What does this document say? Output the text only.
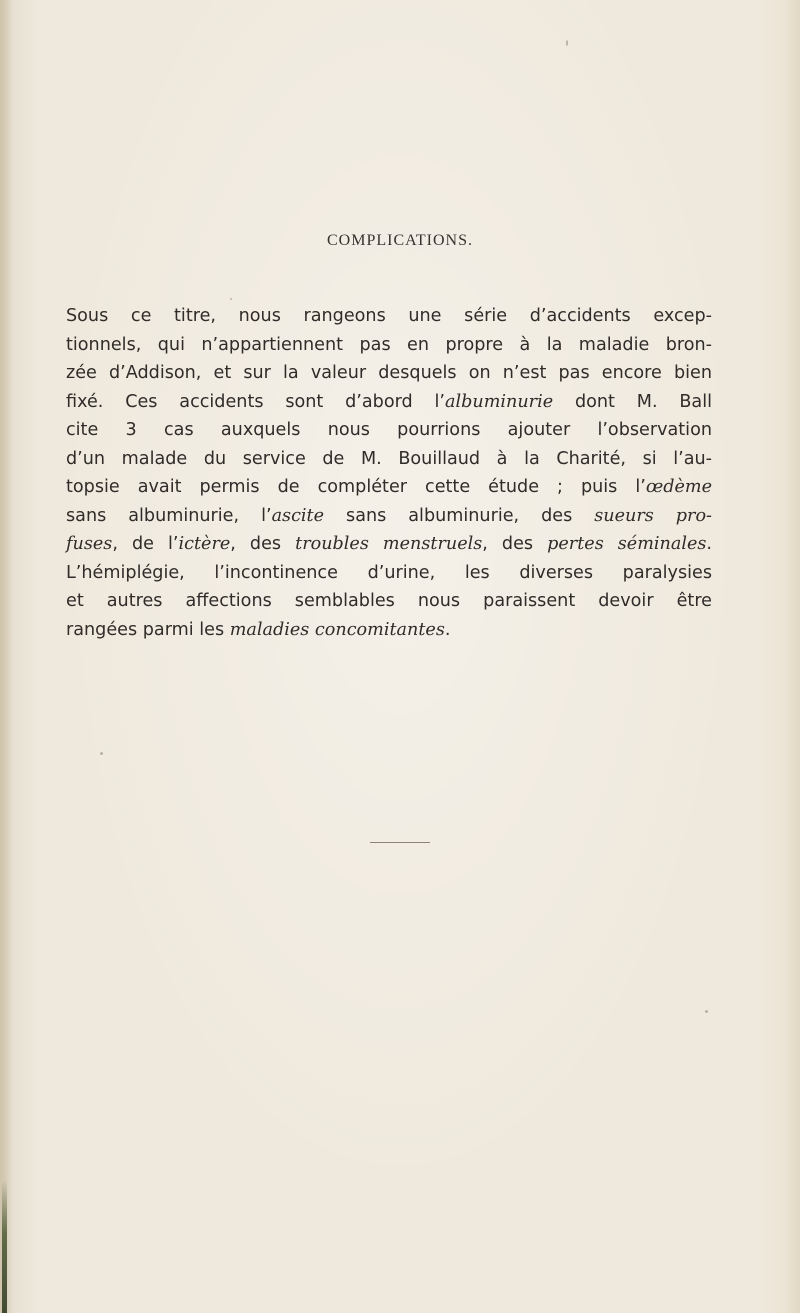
COMPLICATIONS.
Sous ce titre, nous rangeons une série d’accidents excep-
tionnels, qui n’appartiennent pas en propre à la maladie bron-
zée d’Addison, et sur la valeur desquels on n’est pas encore bien
fixé. Ces accidents sont d’abord l’albuminurie dont M. Ball
cite 3 cas auxquels nous pourrions ajouter l’observation
d’un malade du service de M. Bouillaud à la Charité, si l’au-
topsie avait permis de compléter cette étude ; puis l’œdème
sans albuminurie, l’ascite sans albuminurie, des sueurs pro-
fuses, de l’ictère, des troubles menstruels, des pertes séminales.
L’hémiplégie, l’incontinence d’urine, les diverses paralysies
et autres affections semblables nous paraissent devoir être
rangées parmi les maladies concomitantes.
